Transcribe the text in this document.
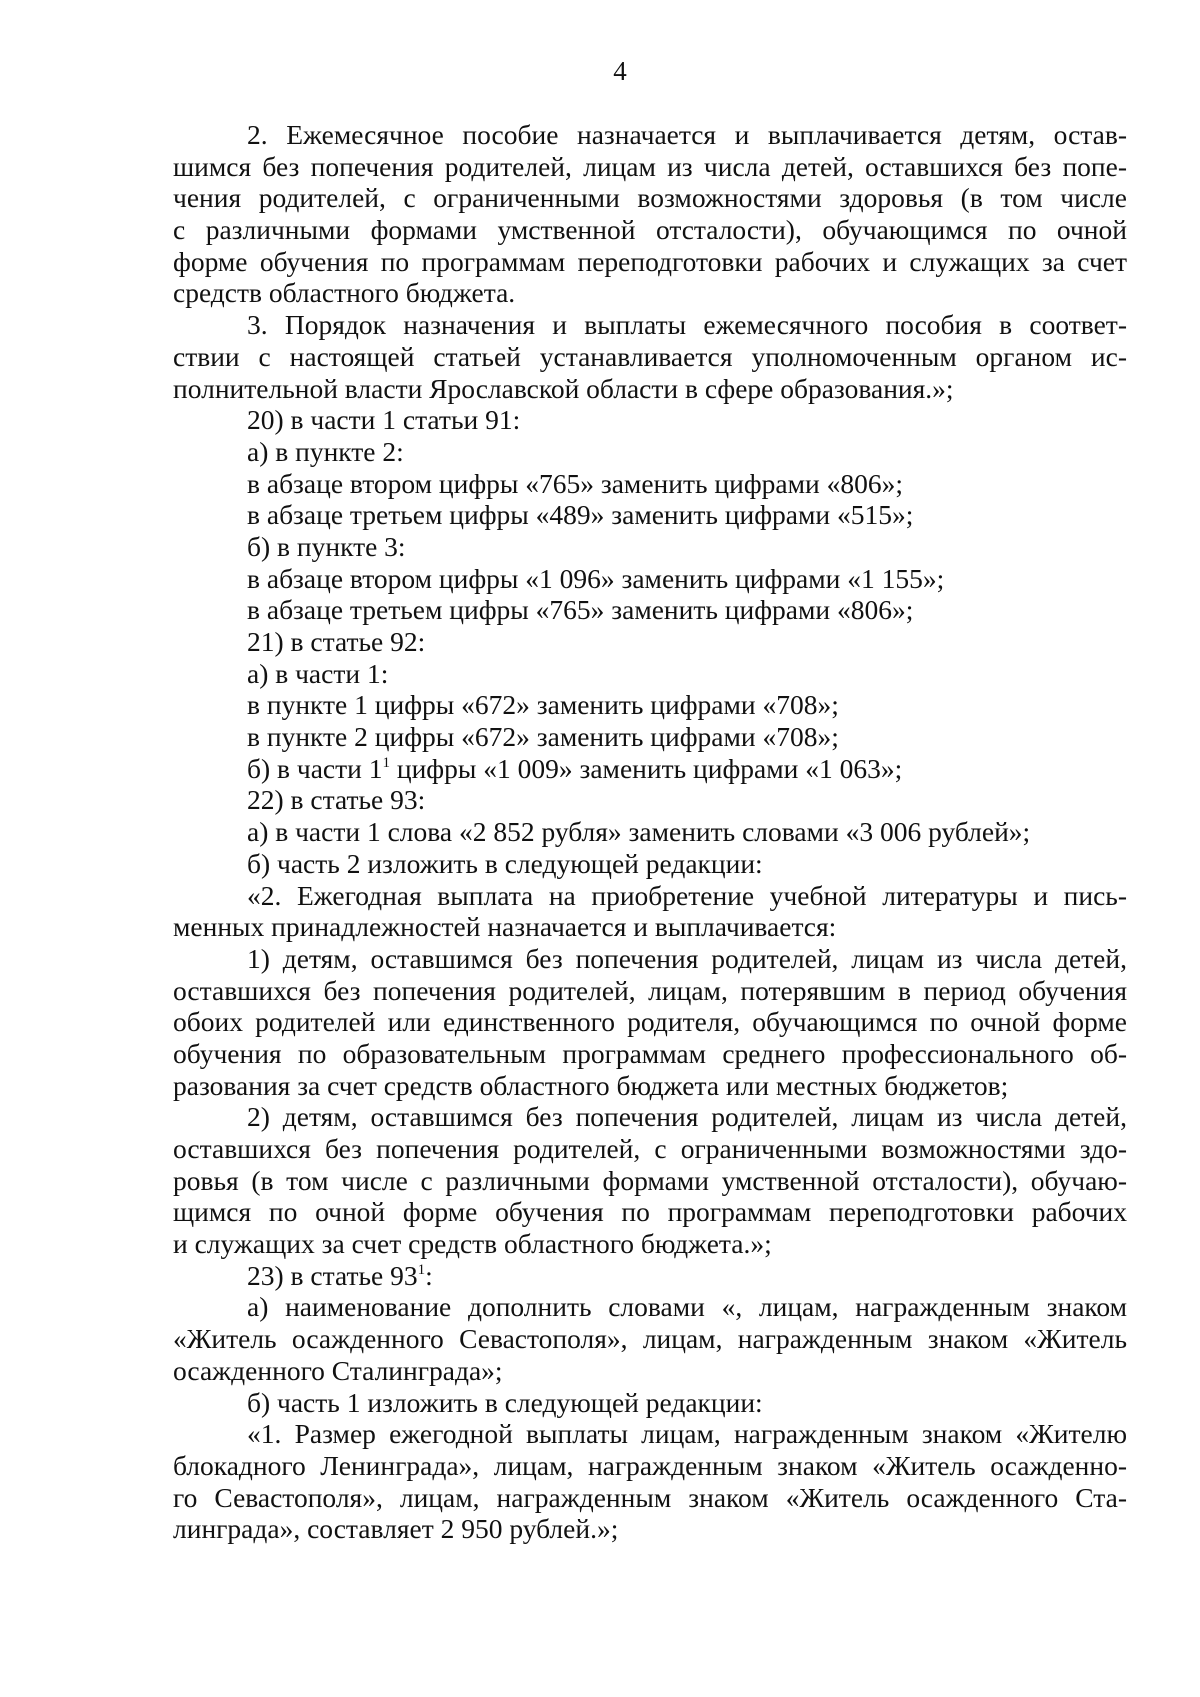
4
2. Ежемесячное пособие назначается и выплачивается детям, остав-
шимся без попечения родителей, лицам из числа детей, оставшихся без попе-
чения родителей, с ограниченными возможностями здоровья (в том числе
с различными формами умственной отсталости), обучающимся по очной
форме обучения по программам переподготовки рабочих и служащих за счет
средств областного бюджета.
3. Порядок назначения и выплаты ежемесячного пособия в соответ-
ствии с настоящей статьей устанавливается уполномоченным органом ис-
полнительной власти Ярославской области в сфере образования.»;
20) в части 1 статьи 91:
а) в пункте 2:
в абзаце втором цифры «765» заменить цифрами «806»;
в абзаце третьем цифры «489» заменить цифрами «515»;
б) в пункте 3:
в абзаце втором цифры «1 096» заменить цифрами «1 155»;
в абзаце третьем цифры «765» заменить цифрами «806»;
21) в статье 92:
а) в части 1:
в пункте 1 цифры «672» заменить цифрами «708»;
в пункте 2 цифры «672» заменить цифрами «708»;
б) в части $1^1$ цифры «1 009» заменить цифрами «1 063»;
22) в статье 93:
а) в части 1 слова «2 852 рубля» заменить словами «3 006 рублей»;
б) часть 2 изложить в следующей редакции:
«2. Ежегодная выплата на приобретение учебной литературы и пись-
менных принадлежностей назначается и выплачивается:
1) детям, оставшимся без попечения родителей, лицам из числа детей,
оставшихся без попечения родителей, лицам, потерявшим в период обучения
обоих родителей или единственного родителя, обучающимся по очной форме
обучения по образовательным программам среднего профессионального об-
разования за счет средств областного бюджета или местных бюджетов;
2) детям, оставшимся без попечения родителей, лицам из числа детей,
оставшихся без попечения родителей, с ограниченными возможностями здо-
ровья (в том числе с различными формами умственной отсталости), обучаю-
щимся по очной форме обучения по программам переподготовки рабочих
и служащих за счет средств областного бюджета.»;
23) в статье $93^1$:
а) наименование дополнить словами «, лицам, награжденным знаком
«Житель осажденного Севастополя», лицам, награжденным знаком «Житель
осажденного Сталинграда»;
б) часть 1 изложить в следующей редакции:
«1. Размер ежегодной выплаты лицам, награжденным знаком «Жителю
блокадного Ленинграда», лицам, награжденным знаком «Житель осажденно-
го Севастополя», лицам, награжденным знаком «Житель осажденного Ста-
линграда», составляет 2 950 рублей.»;
